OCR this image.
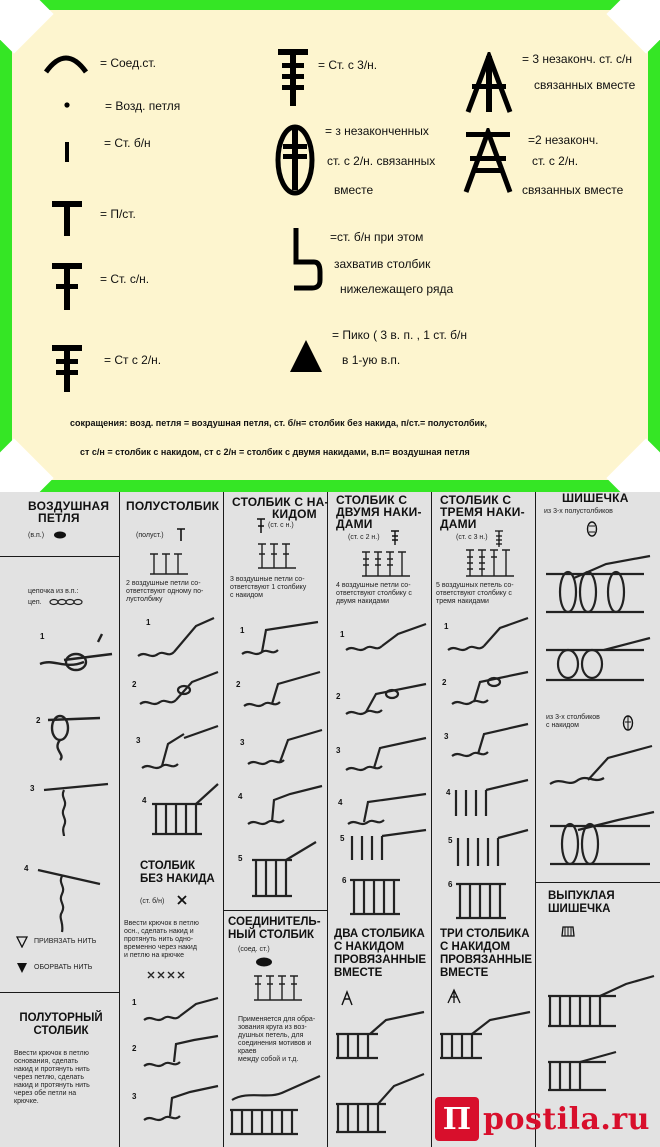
= Соед.ст.
= Возд. петля
= Ст. б/н
= П/ст.
= Ст. с/н.
= Ст с 2/н.
= Ст. с 3/н.
= з незаконченных
ст. с 2/н. связанных
вместе
=ст. б/н при этом
захватив столбик
нижележащего ряда
= Пико ( 3 в. п. , 1 ст. б/н
в 1-ую в.п.
= 3 незаконч. ст. с/н
связанных вместе
=2 незаконч.
ст. с 2/н.
связанных вместе
сокращения: возд. петля = воздушная петля, ст. б/н= столбик без накида, п/ст.= полустолбик,
ст с/н = столбик с накидом, ст с 2/н = столбик с двумя накидами, в.п= воздушная петля
ВОЗДУШНАЯ
ПЕТЛЯ
(в.п.)
цепочка из в.п.:
цеп.
1
2
3
4
ПРИВЯЗАТЬ НИТЬ
ОБОРВАТЬ НИТЬ
ПОЛУТОРНЫЙ
СТОЛБИК
Ввести крючок в петлю
основания, сделать
накид и протянуть нить
через петлю, сделать
накид и протянуть нить
через обе петли на
крючке.
ПОЛУСТОЛБИК
(полуст.)
2 воздушные петли со-
ответствуют одному по-
лустолбику
1
2
3
4
СТОЛБИК
БЕЗ НАКИДА
(ст. б/н)
Ввести крючок в петлю
осн., сделать накид и
протянуть нить одно-
временно через накид
и петлю на крючке
1
2
3
СТОЛБИК С НА-
КИДОМ
(ст. с н.)
3 воздушные петли со-
ответствуют 1 столбику
с накидом
1
2
3
4
5
СОЕДИНИТЕЛЬ-
НЫЙ СТОЛБИК
(соед. ст.)
Применяется для обра-
зования круга из воз-
душных петель, для
соединения мотивов и краев
между собой и т.д.
СТОЛБИК С
ДВУМЯ НАКИ-
ДАМИ
(ст. с 2 н.)
4 воздушные петли со-
ответствуют столбику с
двумя накидами
1
2
3
4
5
6
ДВА СТОЛБИКА
С НАКИДОМ
ПРОВЯЗАННЫЕ
ВМЕСТЕ
СТОЛБИК С
ТРЕМЯ НАКИ-
ДАМИ
(ст. с 3 н.)
5 воздушных петель со-
ответствуют столбику с
тремя накидами
1
2
3
4
5
6
ТРИ СТОЛБИКА
С НАКИДОМ
ПРОВЯЗАННЫЕ
ВМЕСТЕ
ШИШЕЧКА
из 3-х полустолбиков
из 3-х столбиков
с накидом
ВЫПУКЛАЯ
ШИШЕЧКА
П postila.ru
